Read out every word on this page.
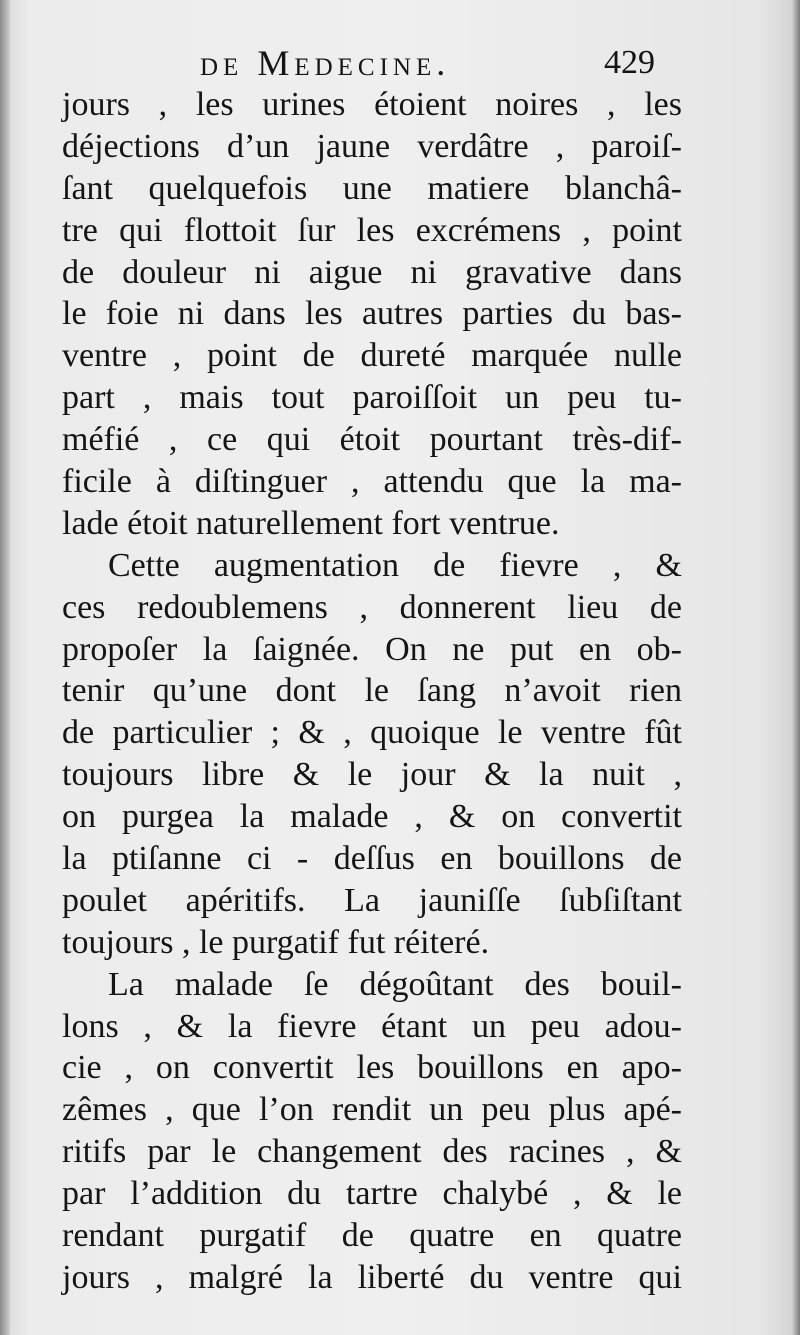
de Medecine.	429
jours , les urines étoient noires , les
déjections d’un jaune verdâtre , paroiſ-
ſant quelquefois une matiere blanchâ-
tre qui flottoit ſur les excrémens , point
de douleur ni aigue ni gravative dans
le foie ni dans les autres parties du bas-
ventre , point de dureté marquée nulle
part , mais tout paroiſſoit un peu tu-
méfié , ce qui étoit pourtant très-dif-
ficile à diſtinguer , attendu que la ma-
lade étoit naturellement fort ventrue.
Cette augmentation de fievre , &
ces redoublemens , donnerent lieu de
propoſer la ſaignée. On ne put en ob-
tenir qu’une dont le ſang n’avoit rien
de particulier ; & , quoique le ventre fût
toujours libre & le jour & la nuit ,
on purgea la malade , & on convertit
la ptiſanne ci - deſſus en bouillons de
poulet apéritifs. La jauniſſe ſubſiſtant
toujours , le purgatif fut réiteré.
La malade ſe dégoûtant des bouil-
lons , & la fievre étant un peu adou-
cie , on convertit les bouillons en apo-
zêmes , que l’on rendit un peu plus apé-
ritifs par le changement des racines , &
par l’addition du tartre chalybé , & le
rendant purgatif de quatre en quatre
jours , malgré la liberté du ventre qui
